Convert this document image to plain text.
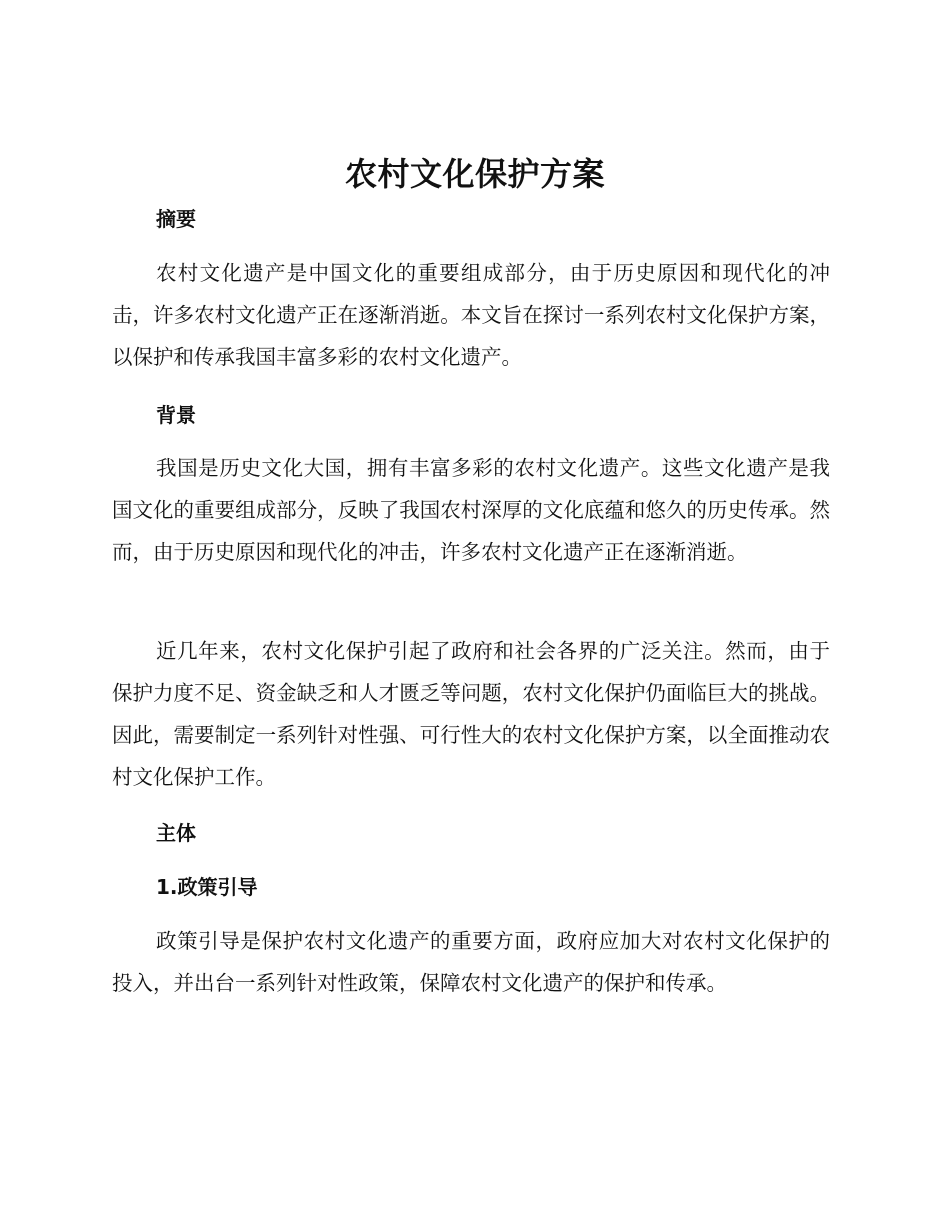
农村文化保护方案
摘要

农村文化遗产是中国文化的重要组成部分，由于历史原因和现代化的冲击，许多农村文化遗产正在逐渐消逝。本文旨在探讨一系列农村文化保护方案，以保护和传承我国丰富多彩的农村文化遗产。

背景

我国是历史文化大国，拥有丰富多彩的农村文化遗产。这些文化遗产是我国文化的重要组成部分，反映了我国农村深厚的文化底蕴和悠久的历史传承。然而，由于历史原因和现代化的冲击，许多农村文化遗产正在逐渐消逝。

近几年来，农村文化保护引起了政府和社会各界的广泛关注。然而，由于保护力度不足、资金缺乏和人才匮乏等问题，农村文化保护仍面临巨大的挑战。因此，需要制定一系列针对性强、可行性大的农村文化保护方案，以全面推动农村文化保护工作。

主体
1.政策引导

政策引导是保护农村文化遗产的重要方面，政府应加大对农村文化保护的投入，并出台一系列针对性政策，保障农村文化遗产的保护和传承。
